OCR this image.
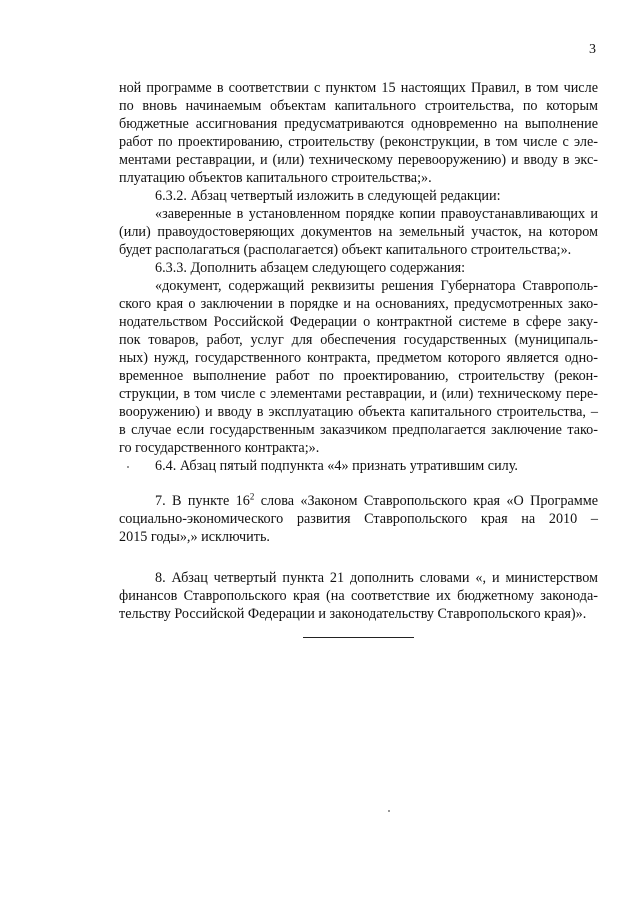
3

ной программе в соответствии с пунктом 15 настоящих Правил, в том числе

по вновь начинаемым объектам капитального строительства, по которым

бюджетные ассигнования предусматриваются одновременно на выполнение

работ по проектированию, строительству (реконструкции, в том числе с эле-

ментами реставрации, и (или) техническому перевооружению) и вводу в экс-

плуатацию объектов капитального строительства;».

6.3.2. Абзац четвертый изложить в следующей редакции:

«заверенные в установленном порядке копии правоустанавливающих и

(или) правоудостоверяющих документов на земельный участок, на котором

будет располагаться (располагается) объект капитального строительства;».

6.3.3. Дополнить абзацем следующего содержания:

«документ, содержащий реквизиты решения Губернатора Ставрополь-

ского края о заключении в порядке и на основаниях, предусмотренных зако-

нодательством Российской Федерации о контрактной системе в сфере заку-

пок товаров, работ, услуг для обеспечения государственных (муниципаль-

ных) нужд, государственного контракта, предметом которого является одно-

временное выполнение работ по проектированию, строительству (рекон-

струкции, в том числе с элементами реставрации, и (или) техническому пере-

вооружению) и вводу в эксплуатацию объекта капитального строительства, –

в случае если государственным заказчиком предполагается заключение тако-

го государственного контракта;».

6.4. Абзац пятый подпункта «4» признать утратившим силу.

7. В пункте $16^2$ слова «Законом Ставропольского края «О Программе

социально-экономического развития Ставропольского края на 2010 –

2015 годы»,» исключить.

8. Абзац четвертый пункта 21 дополнить словами «, и министерством

финансов Ставропольского края (на соответствие их бюджетному законода-

тельству Российской Федерации и законодательству Ставропольского края)».
